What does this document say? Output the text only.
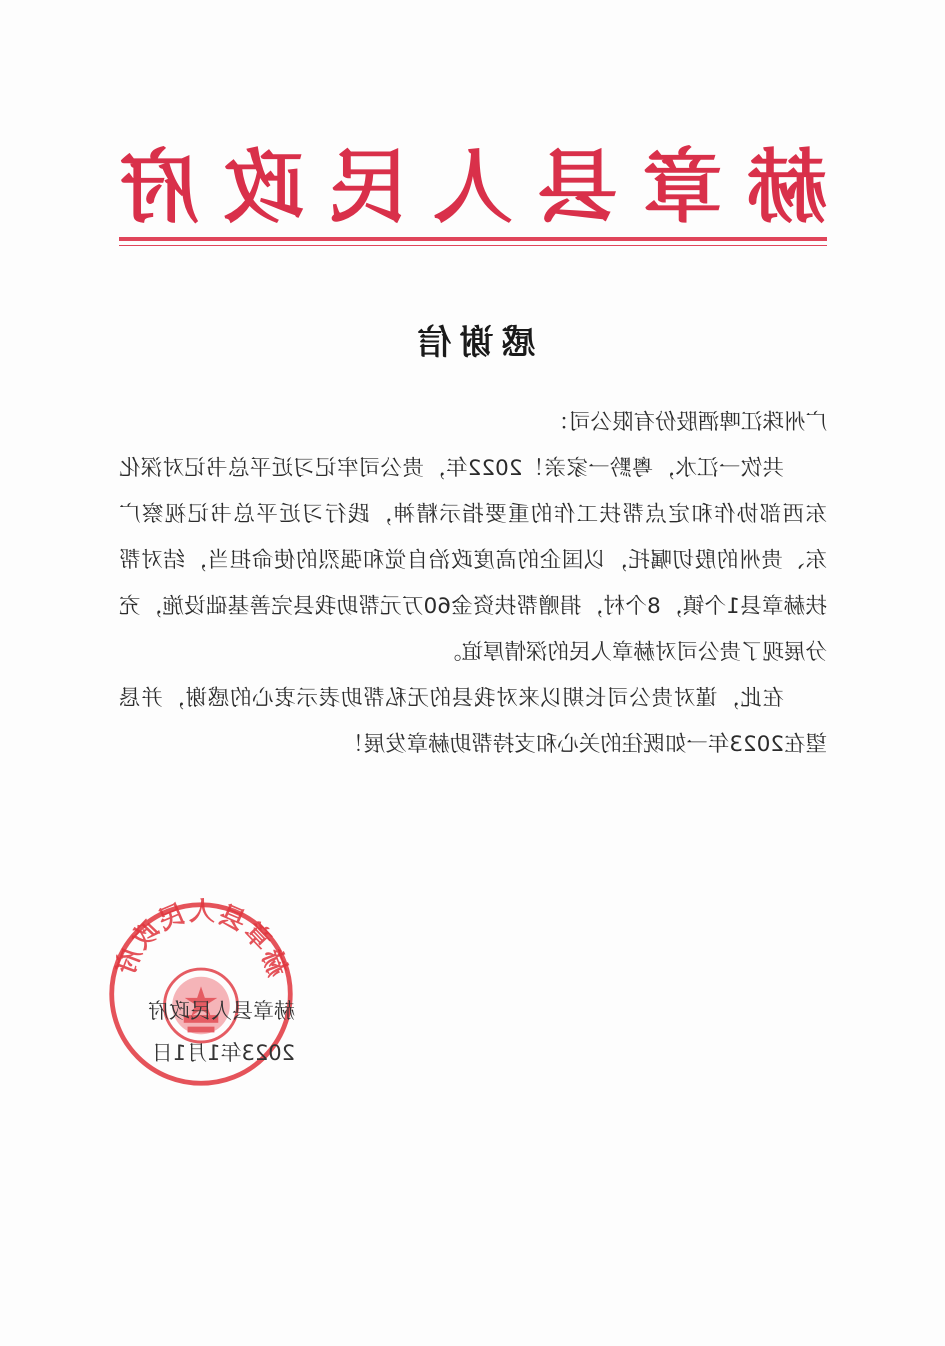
赫
章
县
人
民
政
府
感谢信

广州珠江啤酒股份有限公司：

共饮一江水，粤黔一家亲！2022年，贵公司牢记习近平总书记对深化东西部协作和定点帮扶工作的重要指示精神，践行习近平总书记视察广东、贵州的殷切嘱托，以国企的高度政治自觉和强烈的使命担当，结对帮扶赫章县1个镇，8个村，捐赠帮扶资金60万元帮助我县完善基础设施，充分展现了贵公司对赫章人民的深情厚谊。

在此，谨对贵公司长期以来对我县的无私帮助表示衷心的感谢，并恳望在2023年一如既往的关心和支持帮助赫章发展！

赫章县人民政府
赫章县人民政府
2023年1月1日
